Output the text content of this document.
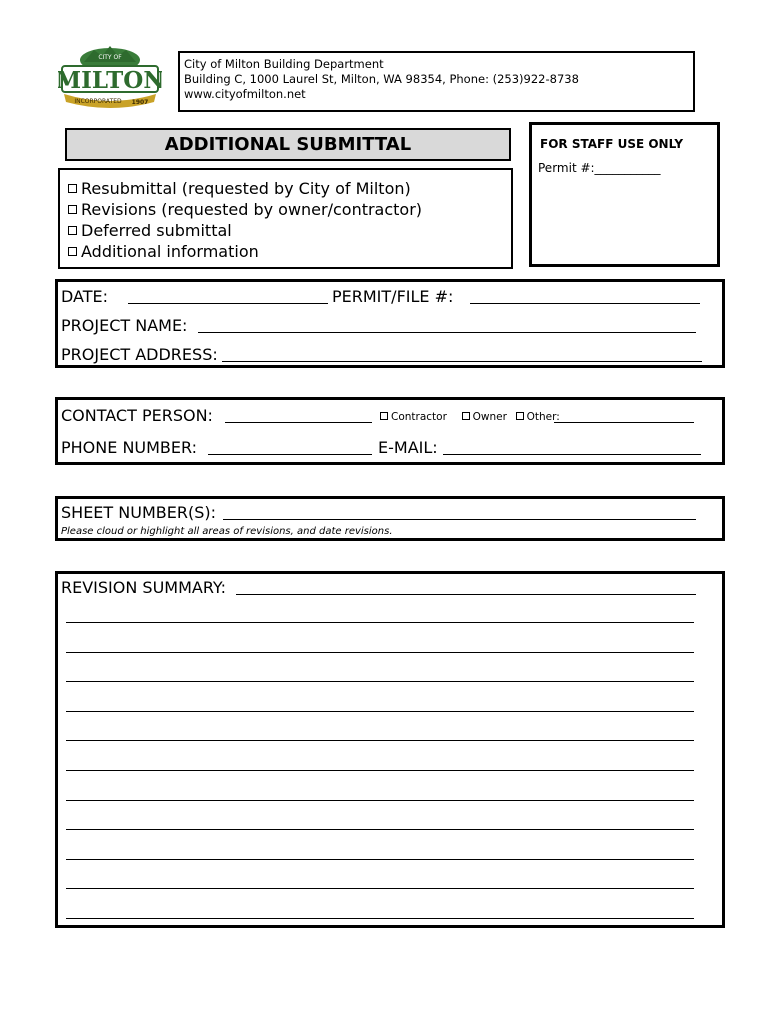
MILTON
CITY OF
INCORPORATED 1907
City of Milton Building Department
Building C, 1000 Laurel St, Milton, WA 98354, Phone: (253)922-8738
www.cityofmilton.net
ADDITIONAL SUBMITTAL	FOR STAFF USE ONLY
Permit #:___________
Resubmittal (requested by City of Milton)
Revisions (requested by owner/contractor)
Deferred submittal
Additional information
DATE:	PERMIT/FILE #:
PROJECT NAME:
PROJECT ADDRESS:
CONTACT PERSON:	Contractor Owner Other:
PHONE NUMBER:	E-MAIL:
SHEET NUMBER(S):
Please cloud or highlight all areas of revisions, and date revisions.
REVISION SUMMARY:
